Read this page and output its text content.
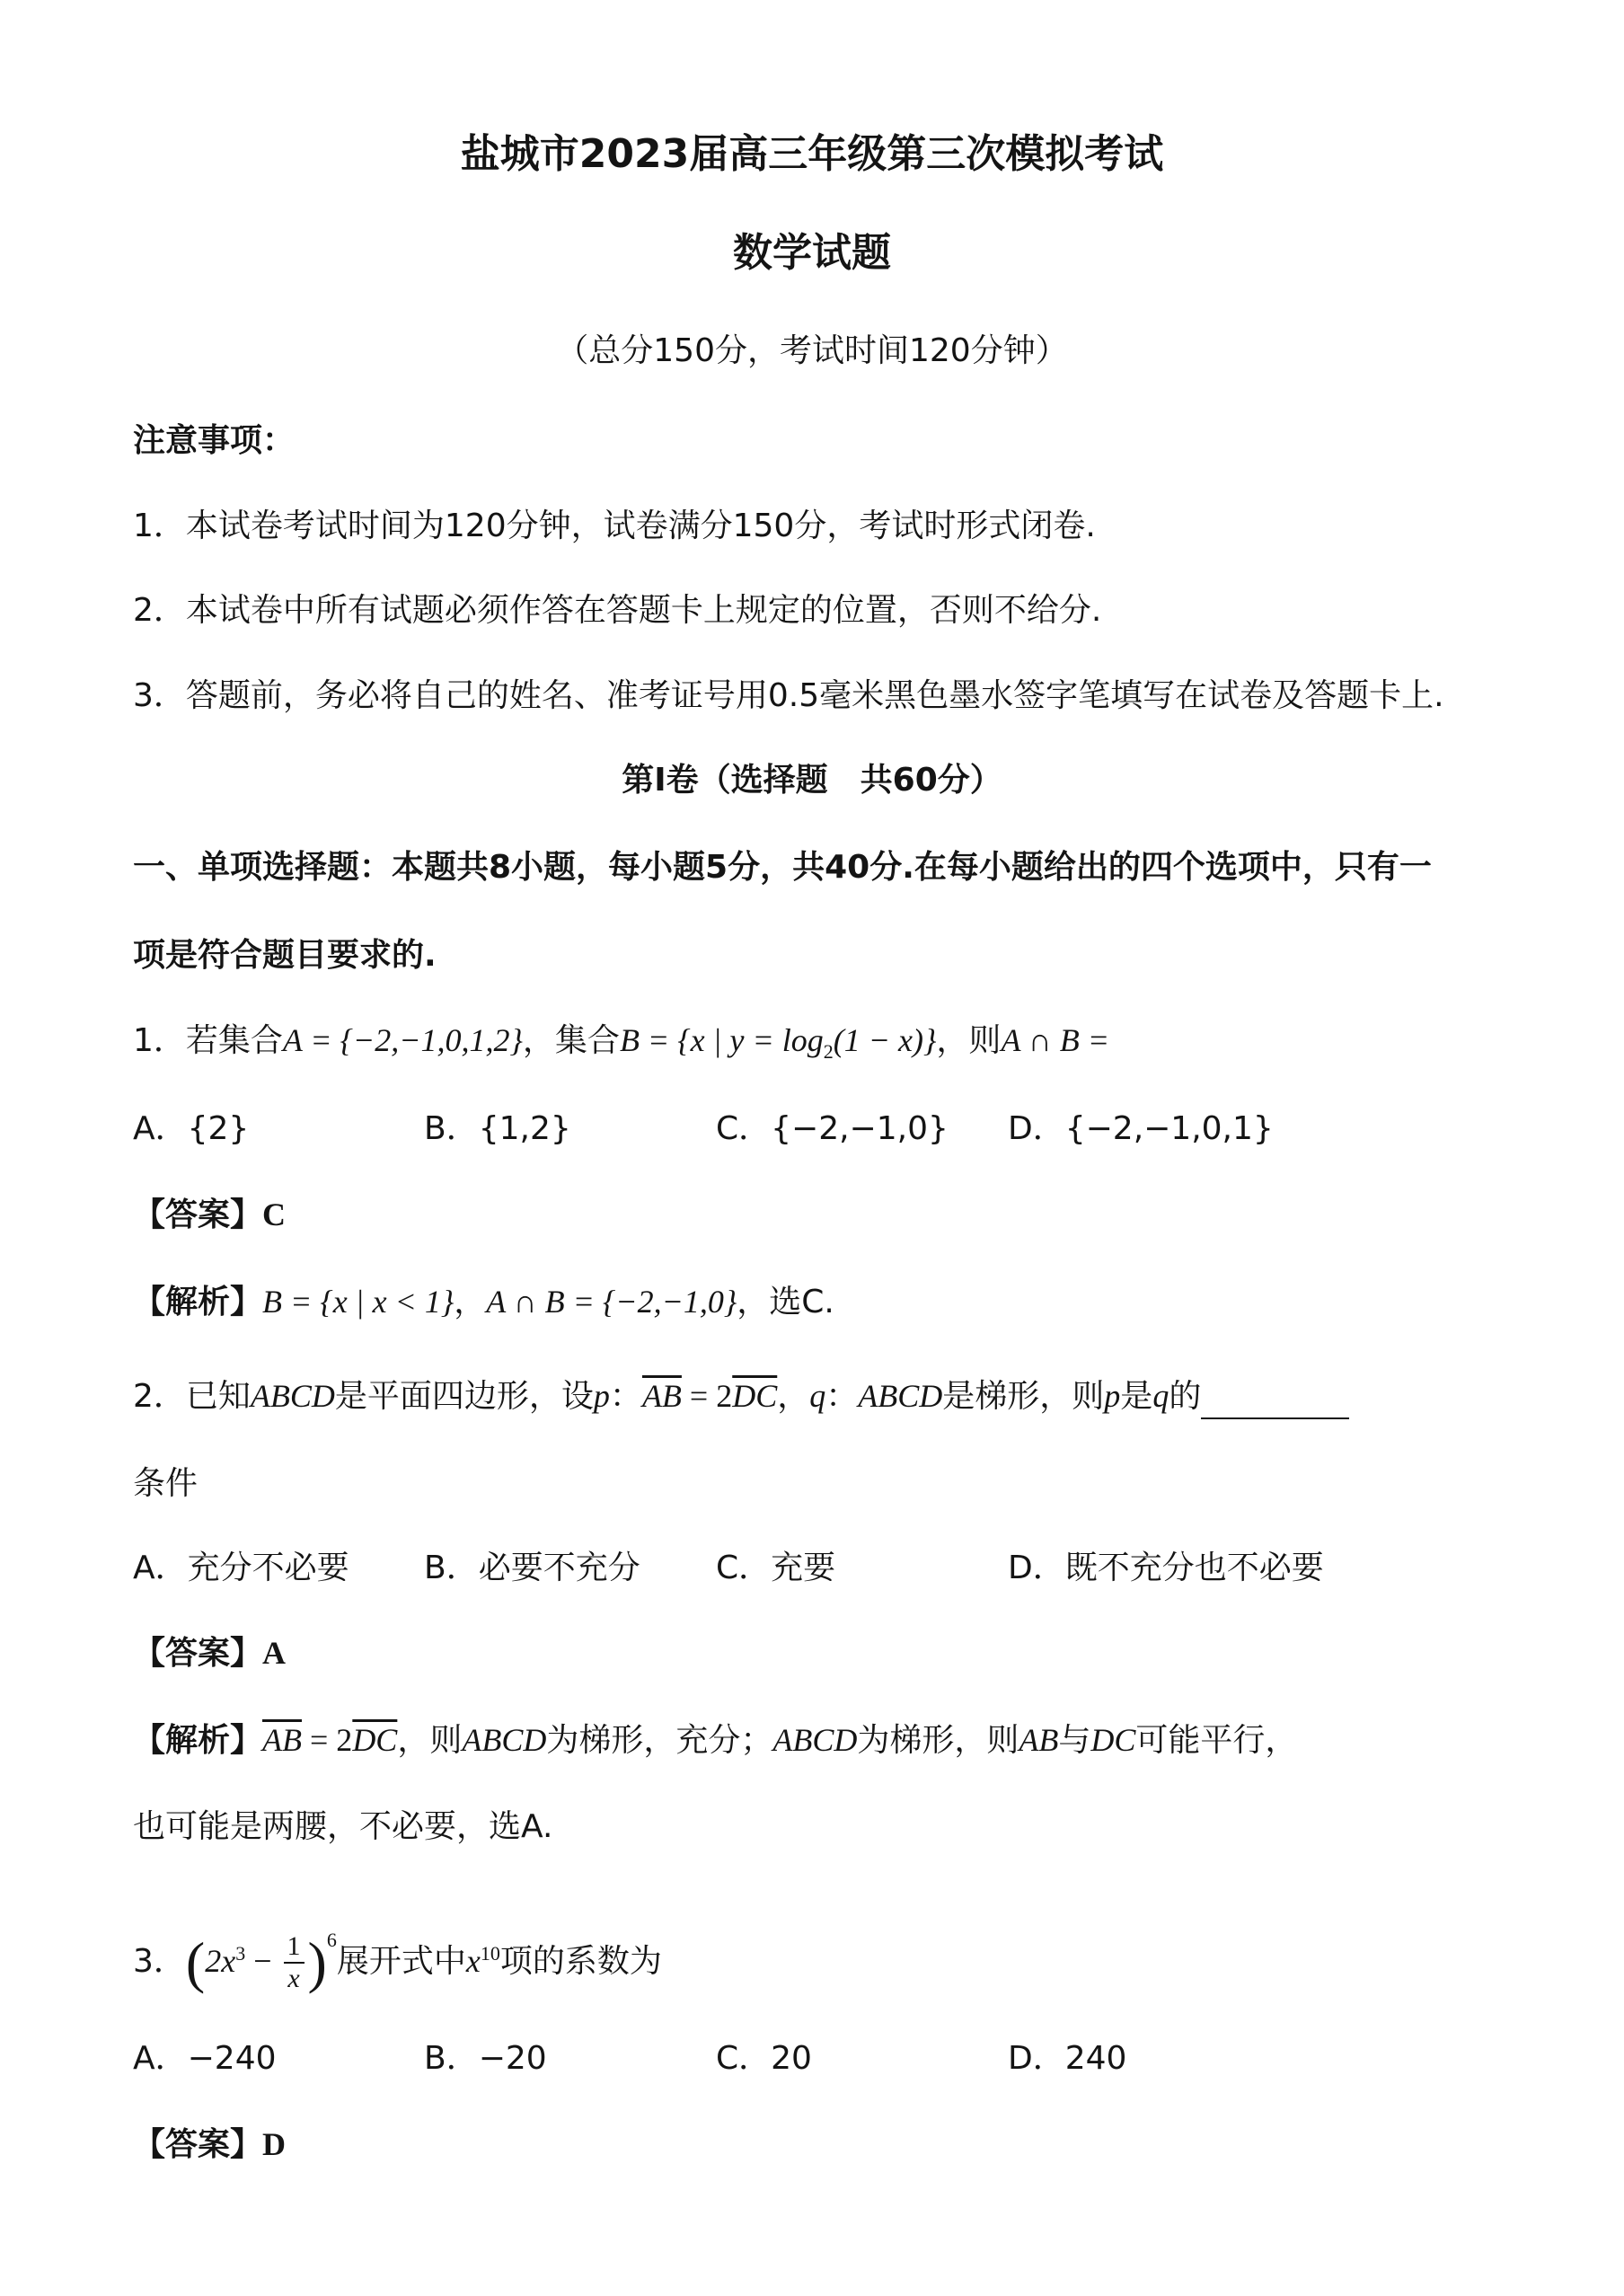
盐城市2023届高三年级第三次模拟考试
数学试题
（总分150分，考试时间120分钟）
注意事项：
1．本试卷考试时间为120分钟，试卷满分150分，考试时形式闭卷.
2．本试卷中所有试题必须作答在答题卡上规定的位置，否则不给分.
3．答题前，务必将自己的姓名、准考证号用0.5毫米黑色墨水签字笔填写在试卷及答题卡上.
第Ⅰ卷（选择题　共60分）
一、单项选择题：本题共8小题，每小题5分，共40分.在每小题给出的四个选项中，只有一
项是符合题目要求的.
1．若集合A = {−2,−1,0,1,2}，集合B = {x | $y = \log_2(1 - x)$}，则A ∩ B =
A．{2}	B．{1,2}	C．{−2,−1,0} D．{−2,−1,0,1}
【答案】C
【解析】B = {x | x < 1}，A ∩ B = {−2,−1,0}，选C.
2．已知ABCD是平面四边形，设p：$\overline{AB} = 2\overline{DC}$，q：ABCD是梯形，则p是q的
条件
A．充分不必要 B．必要不充分 C．充要	D．既不充分也不必要
【答案】A
【解析】$\overline{AB} = 2\overline{DC}$，则ABCD为梯形，充分；ABCD为梯形，则AB与DC可能平行，
也可能是两腰，不必要，选A.
3．$(2x^3 - \frac{1}{x} )^6$展开式中$x^{10}$项的系数为
A．−240	B．−20	C．20	D．240
【答案】D
